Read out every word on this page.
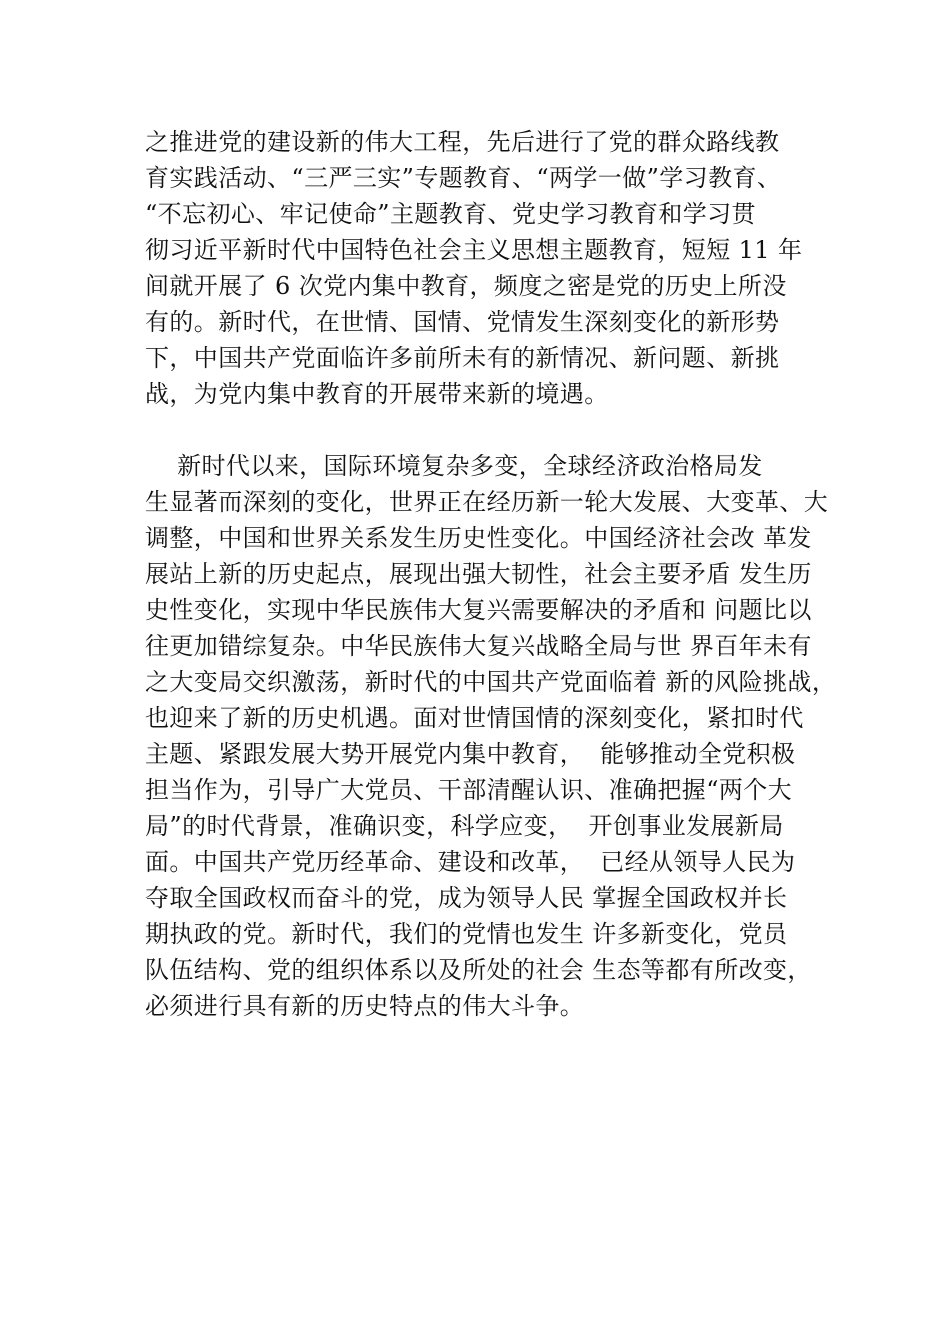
之推进党的建设新的伟大工程，先后进行了党的群众路线教
育实践活动、“三严三实”专题教育、“两学一做”学习教育、
“不忘初心、牢记使命”主题教育、党史学习教育和学习贯
彻习近平新时代中国特色社会主义思想主题教育，短短 11 年
间就开展了 6 次党内集中教育，频度之密是党的历史上所没
有的。新时代，在世情、国情、党情发生深刻变化的新形势
下，中国共产党面临许多前所未有的新情况、新问题、新挑
战，为党内集中教育的开展带来新的境遇。
新时代以来，国际环境复杂多变，全球经济政治格局发
生显著而深刻的变化，世界正在经历新一轮大发展、大变革、大
调整，中国和世界关系发生历史性变化。中国经济社会改 革发
展站上新的历史起点，展现出强大韧性，社会主要矛盾 发生历
史性变化，实现中华民族伟大复兴需要解决的矛盾和 问题比以
往更加错综复杂。中华民族伟大复兴战略全局与世 界百年未有
之大变局交织激荡，新时代的中国共产党面临着 新的风险挑战，
也迎来了新的历史机遇。面对世情国情的深刻变化，紧扣时代
主题、紧跟发展大势开展党内集中教育，  能够推动全党积极
担当作为，引导广大党员、干部清醒认识、准确把握“两个大
局”的时代背景，准确识变，科学应变，  开创事业发展新局
面。中国共产党历经革命、建设和改革，  已经从领导人民为
夺取全国政权而奋斗的党，成为领导人民 掌握全国政权并长
期执政的党。新时代，我们的党情也发生 许多新变化，党员
队伍结构、党的组织体系以及所处的社会 生态等都有所改变，
必须进行具有新的历史特点的伟大斗争。
